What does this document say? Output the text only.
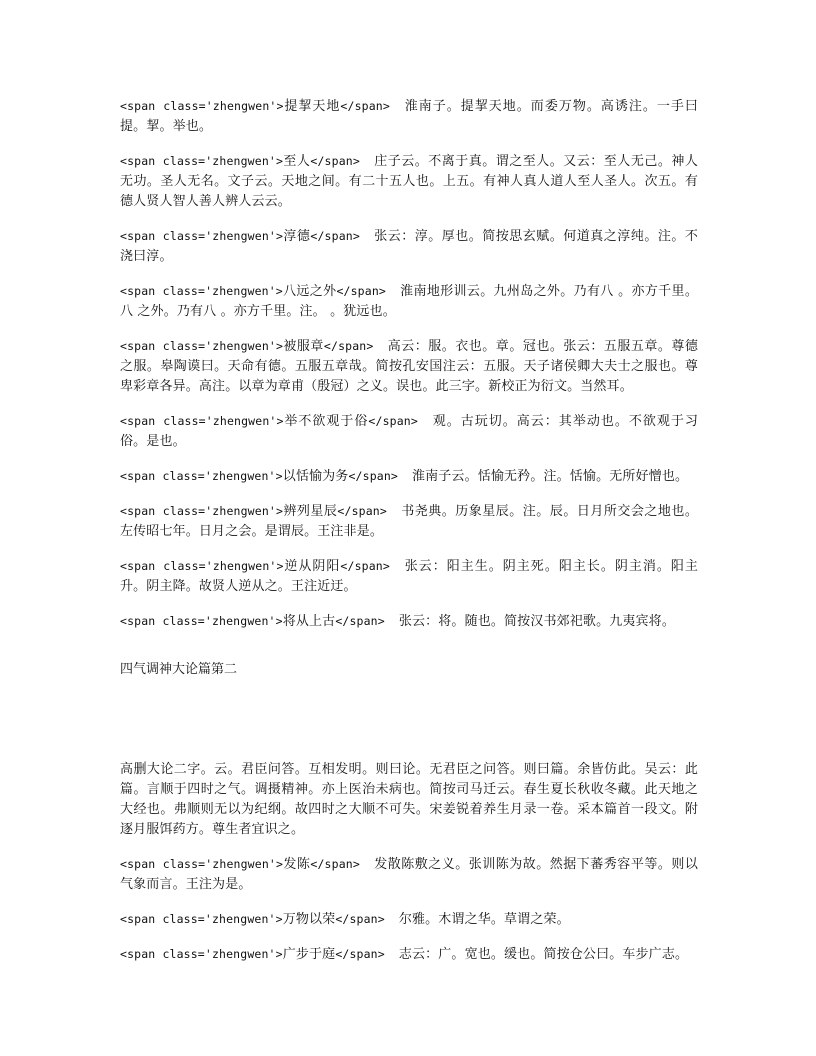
<span class='zhengwen'>提挈天地</span> 淮南子。提挈天地。而委万物。高诱注。一手曰提。挈。举也。

<span class='zhengwen'>至人</span> 庄子云。不离于真。谓之至人。又云：至人无己。神人无功。圣人无名。文子云。天地之间。有二十五人也。上五。有神人真人道人至人圣人。次五。有德人贤人智人善人辨人云云。

<span class='zhengwen'>淳德</span> 张云：淳。厚也。简按思玄赋。何道真之淳纯。注。不浇曰淳。

<span class='zhengwen'>八远之外</span> 淮南地形训云。九州岛之外。乃有八 。亦方千里。八 之外。乃有八 。亦方千里。注。 。犹远也。

<span class='zhengwen'>被服章</span> 高云：服。衣也。章。冠也。张云：五服五章。尊德之服。皋陶谟曰。天命有德。五服五章哉。简按孔安国注云：五服。天子诸侯卿大夫士之服也。尊卑彩章各异。高注。以章为章甫（殷冠）之义。误也。此三字。新校正为衍文。当然耳。

<span class='zhengwen'>举不欲观于俗</span> 观。古玩切。高云：其举动也。不欲观于习俗。是也。

<span class='zhengwen'>以恬愉为务</span> 淮南子云。恬愉无矜。注。恬愉。无所好憎也。

<span class='zhengwen'>辨列星辰</span> 书尧典。历象星辰。注。辰。日月所交会之地也。左传昭七年。日月之会。是谓辰。王注非是。

<span class='zhengwen'>逆从阴阳</span> 张云：阳主生。阴主死。阳主长。阴主消。阳主升。阴主降。故贤人逆从之。王注近迂。

<span class='zhengwen'>将从上古</span> 张云：将。随也。简按汉书郊祀歌。九夷宾将。

四气调神大论篇第二

高删大论二字。云。君臣问答。互相发明。则曰论。无君臣之问答。则曰篇。余皆仿此。吴云：此篇。言顺于四时之气。调摄精神。亦上医治未病也。简按司马迁云。春生夏长秋收冬藏。此天地之大经也。弗顺则无以为纪纲。故四时之大顺不可失。宋姜锐着养生月录一卷。采本篇首一段文。附逐月服饵药方。尊生者宜识之。

<span class='zhengwen'>发陈</span> 发散陈敷之义。张训陈为故。然据下蕃秀容平等。则以气象而言。王注为是。

<span class='zhengwen'>万物以荣</span> 尔雅。木谓之华。草谓之荣。

<span class='zhengwen'>广步于庭</span> 志云：广。宽也。缓也。简按仓公曰。车步广志。
